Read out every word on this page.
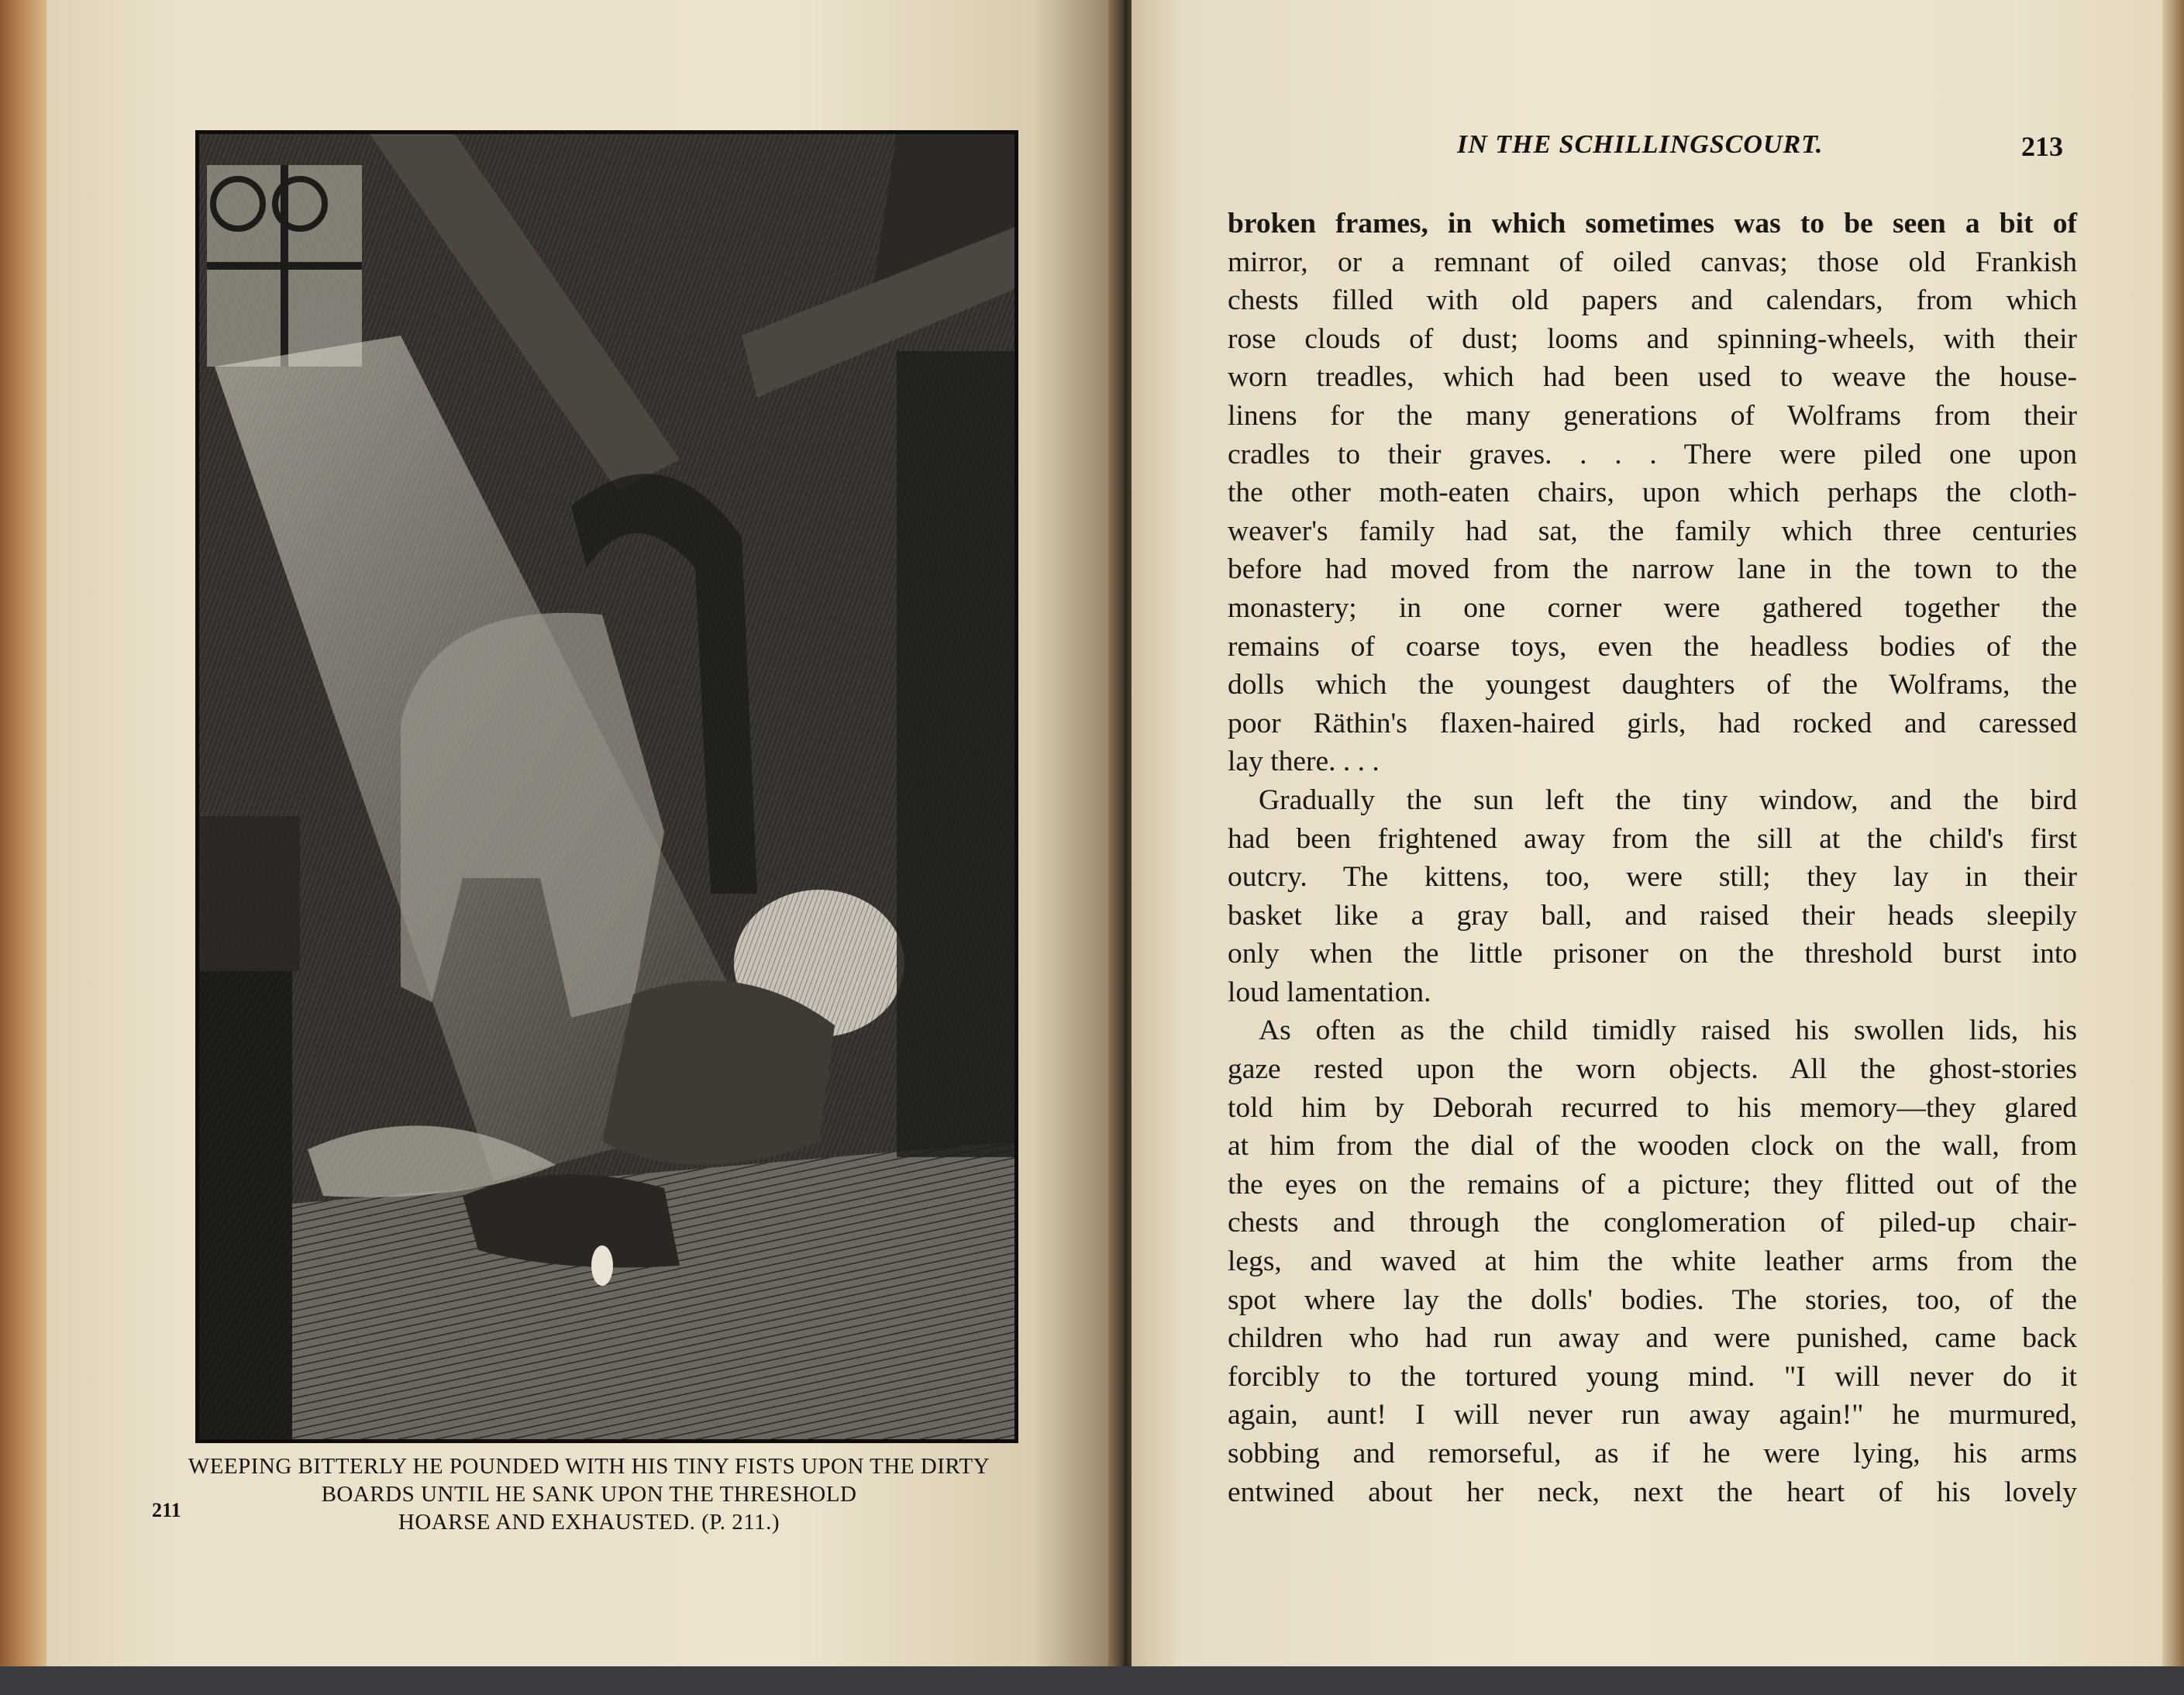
WEEPING BITTERLY HE POUNDED WITH HIS TINY FISTS UPON THE DIRTY
BOARDS UNTIL HE SANK UPON THE THRESHOLD
HOARSE AND EXHAUSTED. (P. 211.)
211
IN THE SCHILLINGSCOURT.	213
broken frames, in which sometimes was to be seen a bit of
mirror, or a remnant of oiled canvas; those old Frankish
chests filled with old papers and calendars, from which
rose clouds of dust; looms and spinning-wheels, with their
worn treadles, which had been used to weave the house-
linens for the many generations of Wolframs from their
cradles to their graves. . . . There were piled one upon
the other moth-eaten chairs, upon which perhaps the cloth-
weaver's family had sat, the family which three centuries
before had moved from the narrow lane in the town to the
monastery; in one corner were gathered together the
remains of coarse toys, even the headless bodies of the
dolls which the youngest daughters of the Wolframs, the
poor Räthin's flaxen-haired girls, had rocked and caressed
lay there. . . .
Gradually the sun left the tiny window, and the bird
had been frightened away from the sill at the child's first
outcry. The kittens, too, were still; they lay in their
basket like a gray ball, and raised their heads sleepily
only when the little prisoner on the threshold burst into
loud lamentation.
As often as the child timidly raised his swollen lids, his
gaze rested upon the worn objects. All the ghost-stories
told him by Deborah recurred to his memory—they glared
at him from the dial of the wooden clock on the wall, from
the eyes on the remains of a picture; they flitted out of the
chests and through the conglomeration of piled-up chair-
legs, and waved at him the white leather arms from the
spot where lay the dolls' bodies. The stories, too, of the
children who had run away and were punished, came back
forcibly to the tortured young mind. "I will never do it
again, aunt! I will never run away again!" he murmured,
sobbing and remorseful, as if he were lying, his arms
entwined about her neck, next the heart of his lovely
